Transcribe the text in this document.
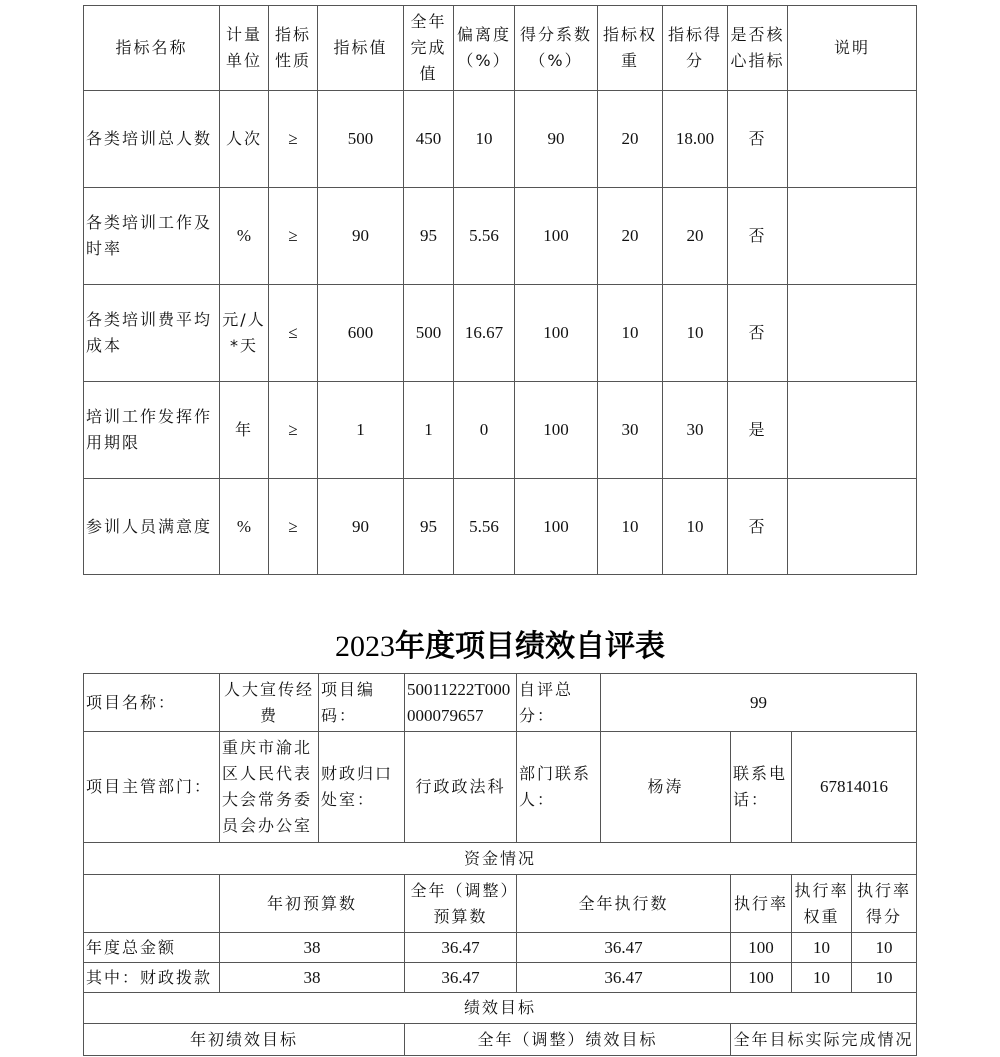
指标名称	计量单位	指标性质	指标值	全年完成值	偏离度（%）	得分系数（%）	指标权重	指标得分	是否核心指标	说明
各类培训总人数	人次	≥	500	450	10	90	20	18.00	否	
各类培训工作及时率	%	≥	90	95	5.56	100	20	20	否	
各类培训费平均成本	元/人*天	≤	600	500	16.67	100	10	10	否	
培训工作发挥作用期限	年	≥	1	1	0	100	30	30	是	
参训人员满意度	%	≥	90	95	5.56	100	10	10	否	
2023年度项目绩效自评表
项目名称：	人大宣传经费	项目编码：	50011222T000000079657	自评总分：	99			
项目主管部门：	重庆市渝北区人民代表大会常务委员会办公室	财政归口处室：	行政政法科	部门联系人：	杨涛	联系电话：	67814016	
资金情况								
	年初预算数		全年（调整）预算数	全年执行数		执行率	执行率权重	执行率得分
年度总金额	38		36.47	36.47		100	10	10
其中：财政拨款	38		36.47	36.47		100	10	10
绩效目标								
年初绩效目标			全年（调整）绩效目标			全年目标实际完成情况		
